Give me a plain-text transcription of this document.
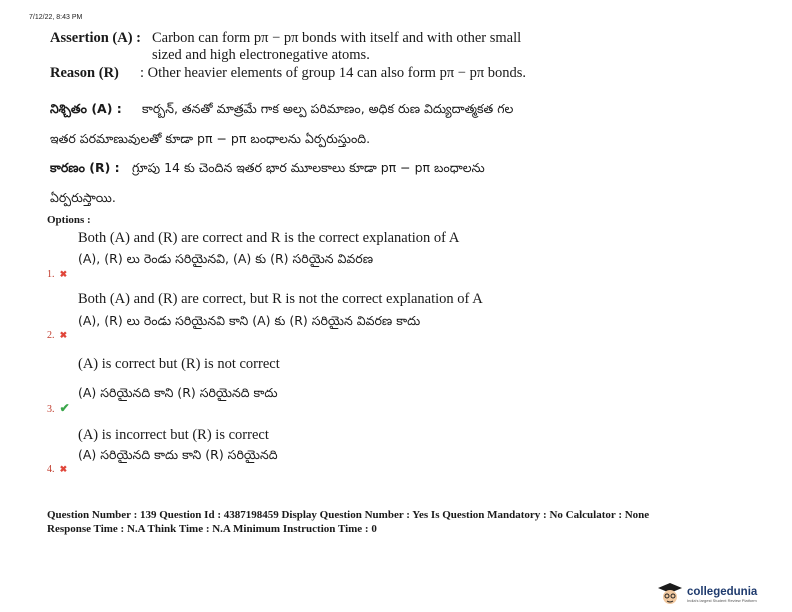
7/12/22, 8:43 PM
Assertion (A) : Carbon can form pπ − pπ bonds with itself and with other small
sized and high electronegative atoms.
Reason (R) : Other heavier elements of group 14 can also form pπ − pπ bonds.
నిశ్చితం (A) : కార్బన్, తనతో మాత్రమే గాక అల్ప పరిమాణం, అధిక రుణ విద్యుదాత్మకత గల
ఇతర పరమాణువులతో కూడా pπ − pπ బంధాలను ఏర్పరుస్తుంది.
కారణం (R) : గ్రూపు 14 కు చెందిన ఇతర భార మూలకాలు కూడా pπ − pπ బంధాలను
ఏర్పరుస్తాయి.
Options :
Both (A) and (R) are correct and R is the correct explanation of A
(A), (R) లు రెండు సరియైనవి, (A) కు (R) సరియైన వివరణ
1. ✖
Both (A) and (R) are correct, but R is not the correct explanation of A
(A), (R) లు రెండు సరియైనవి కాని (A) కు (R) సరియైన వివరణ కాదు
2. ✖
(A) is correct but (R) is not correct
(A) సరియైనది కాని (R) సరియైనది కాదు
3. ✔
(A) is incorrect but (R) is correct
(A) సరియైనది కాదు కాని (R) సరియైనది
4. ✖
Question Number : 139 Question Id : 4387198459 Display Question Number : Yes Is Question Mandatory : No Calculator : None
Response Time : N.A Think Time : N.A Minimum Instruction Time : 0
collegedunia
India's largest Student Review Platform
